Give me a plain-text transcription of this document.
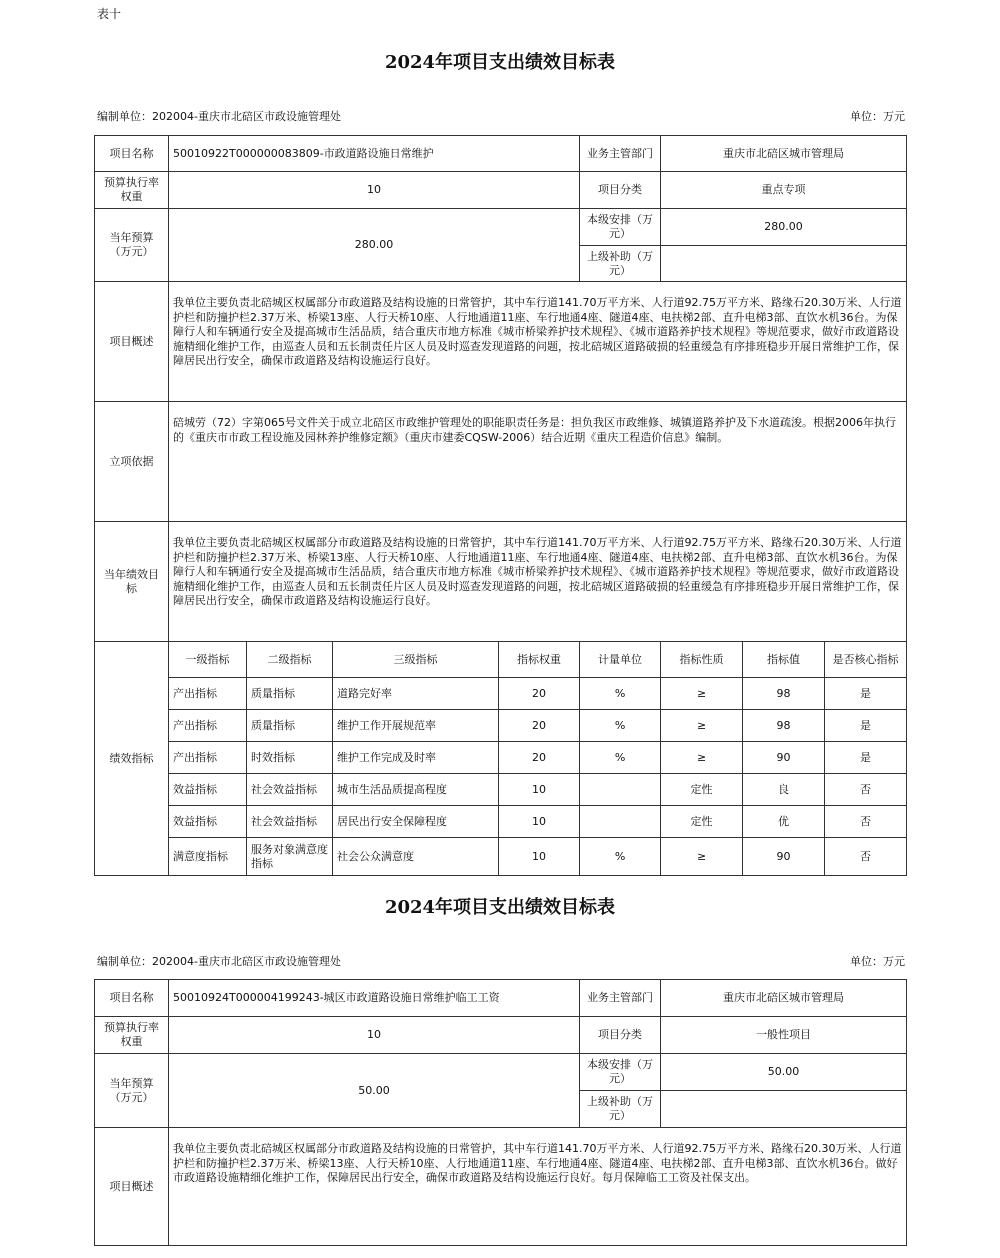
表十
2024年项目支出绩效目标表
编制单位：202004-重庆市北碚区市政设施管理处	单位：万元
项目名称	50010922T000000083809-市政道路设施日常维护				业务主管部门	重庆市北碚区城市管理局		
预算执行率权重	10				项目分类	重点专项		
当年预算（万元）	280.00				本级安排（万元）	280.00		
					上级补助（万元）			
项目概述	我单位主要负责北碚城区权属部分市政道路及结构设施的日常管护，其中车行道141.70万平方米、人行道92.75万平方米、路缘石20.30万米、人行道护栏和防撞护栏2.37万米、桥梁13座、人行天桥10座、人行地通道11座、车行地通4座、隧道4座、电扶梯2部、直升电梯3部、直饮水机36台。为保障行人和车辆通行安全及提高城市生活品质，结合重庆市地方标准《城市桥梁养护技术规程》、《城市道路养护技术规程》等规范要求，做好市政道路设施精细化维护工作，由巡查人员和五长制责任片区人员及时巡查发现道路的问题，按北碚城区道路破损的轻重缓急有序排班稳步开展日常维护工作，保障居民出行安全，确保市政道路及结构设施运行良好。							
立项依据	碚城劳（72）字第065号文件关于成立北碚区市政维护管理处的职能职责任务是：担负我区市政维修、城镇道路养护及下水道疏浚。根据2006年执行的《重庆市市政工程设施及园林养护维修定额》（重庆市建委CQSW-2006）结合近期《重庆工程造价信息》编制。							
当年绩效目标	我单位主要负责北碚城区权属部分市政道路及结构设施的日常管护，其中车行道141.70万平方米、人行道92.75万平方米、路缘石20.30万米、人行道护栏和防撞护栏2.37万米、桥梁13座、人行天桥10座、人行地通道11座、车行地通4座、隧道4座、电扶梯2部、直升电梯3部、直饮水机36台。为保障行人和车辆通行安全及提高城市生活品质，结合重庆市地方标准《城市桥梁养护技术规程》、《城市道路养护技术规程》等规范要求，做好市政道路设施精细化维护工作，由巡查人员和五长制责任片区人员及时巡查发现道路的问题，按北碚城区道路破损的轻重缓急有序排班稳步开展日常维护工作，保障居民出行安全，确保市政道路及结构设施运行良好。							
绩效指标	一级指标	二级指标	三级指标	指标权重	计量单位	指标性质	指标值	是否核心指标
	产出指标	质量指标	道路完好率	20	%	≥	98	是
	产出指标	质量指标	维护工作开展规范率	20	%	≥	98	是
	产出指标	时效指标	维护工作完成及时率	20	%	≥	90	是
	效益指标	社会效益指标	城市生活品质提高程度	10		定性	良	否
	效益指标	社会效益指标	居民出行安全保障程度	10		定性	优	否
	满意度指标	服务对象满意度指标	社会公众满意度	10	%	≥	90	否
2024年项目支出绩效目标表
编制单位：202004-重庆市北碚区市政设施管理处	单位：万元
项目名称	50010924T000004199243-城区市政道路设施日常维护临工工资	业务主管部门	重庆市北碚区城市管理局
预算执行率权重	10	项目分类	一般性项目
当年预算（万元）	50.00	本级安排（万元）	50.00
		上级补助（万元）	
项目概述	我单位主要负责北碚城区权属部分市政道路及结构设施的日常管护，其中车行道141.70万平方米、人行道92.75万平方米、路缘石20.30万米、人行道护栏和防撞护栏2.37万米、桥梁13座、人行天桥10座、人行地通道11座、车行地通4座、隧道4座、电扶梯2部、直升电梯3部、直饮水机36台。做好市政道路设施精细化维护工作，保障居民出行安全，确保市政道路及结构设施运行良好。每月保障临工工资及社保支出。		
